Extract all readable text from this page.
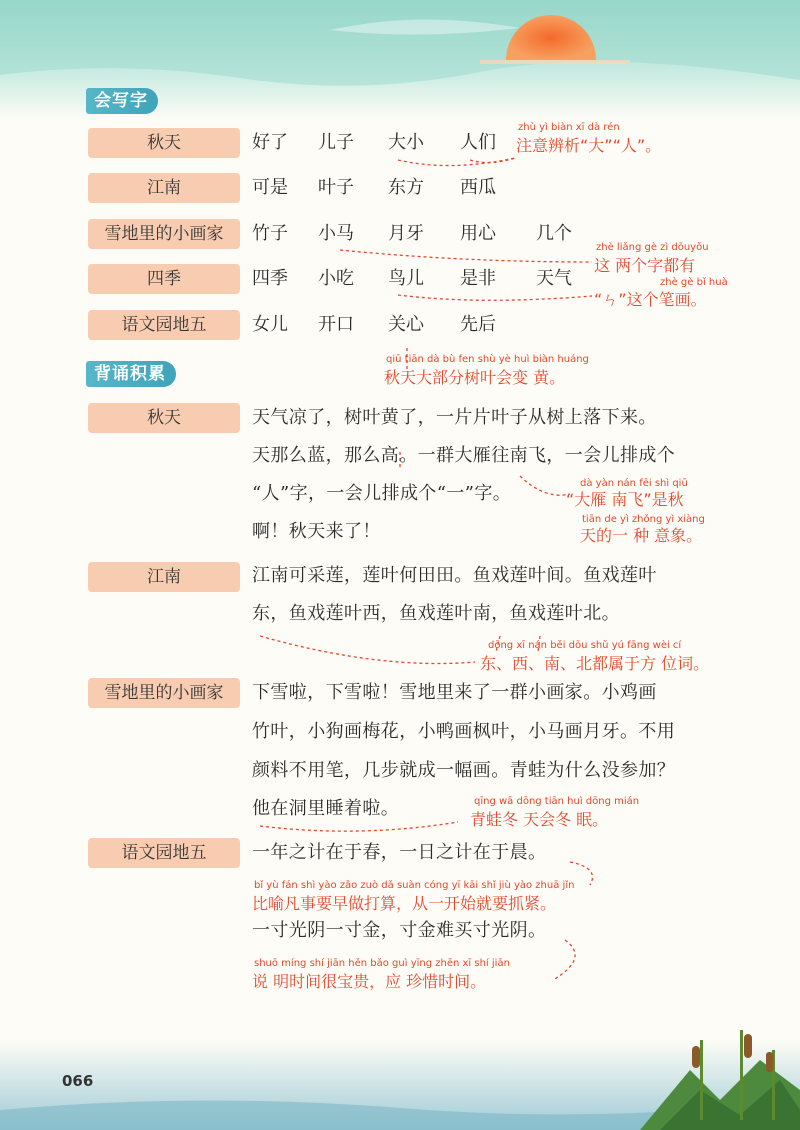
会写字
秋天	好了 儿子 大小 人们
江南	可是 叶子 东方 西瓜
雪地里的小画家	竹子 小马 月牙 用心 几个
四季	四季 小吃 鸟儿 是非 天气
语文园地五	女儿 开口 关心 先后
zhù yì biàn xī dà rén
注意辨析“大”“人”。
zhè liǎng gè zì dōuyǒu
这 两个字都有
zhè gè bǐ huà
“ㄣ”这个笔画。
背诵积累
qiū tiān dà bù fen shù yè huì biàn huáng
秋天大部分树叶会变 黄。
秋天	天气凉了，树叶黄了，一片片叶子从树上落下来。
天那么蓝，那么高。一群大雁往南飞，一会儿排成个
“人”字，一会儿排成个“一”字。
啊！秋天来了！
江南	江南可采莲，莲叶何田田。鱼戏莲叶间。鱼戏莲叶
东，鱼戏莲叶西，鱼戏莲叶南，鱼戏莲叶北。
雪地里的小画家	下雪啦，下雪啦！雪地里来了一群小画家。小鸡画
竹叶，小狗画梅花，小鸭画枫叶，小马画月牙。不用
颜料不用笔，几步就成一幅画。青蛙为什么没参加？
他在洞里睡着啦。
语文园地五	一年之计在于春，一日之计在于晨。
一寸光阴一寸金，寸金难买寸光阴。
“大雁 南飞”是秋
dà yàn nán fēi shì qiū
tiān de yì zhǒng yì xiàng
天的一 种 意象。
dōng xī nán běi dōu shǔ yú fāng wèi cí
东、西、南、北都属于方 位词。
qīng wā dōng tiān huì dōng mián
青蛙冬 天会冬 眠。
bǐ yù fán shì yào zǎo zuò dǎ suàn cóng yī kāi shǐ jiù yào zhuā jǐn
比喻凡事要早做打算，从一开始就要抓紧。
shuō míng shí jiān hěn bǎo guì yīng zhēn xī shí jiān
说 明时间很宝贵，应 珍惜时间。
066
